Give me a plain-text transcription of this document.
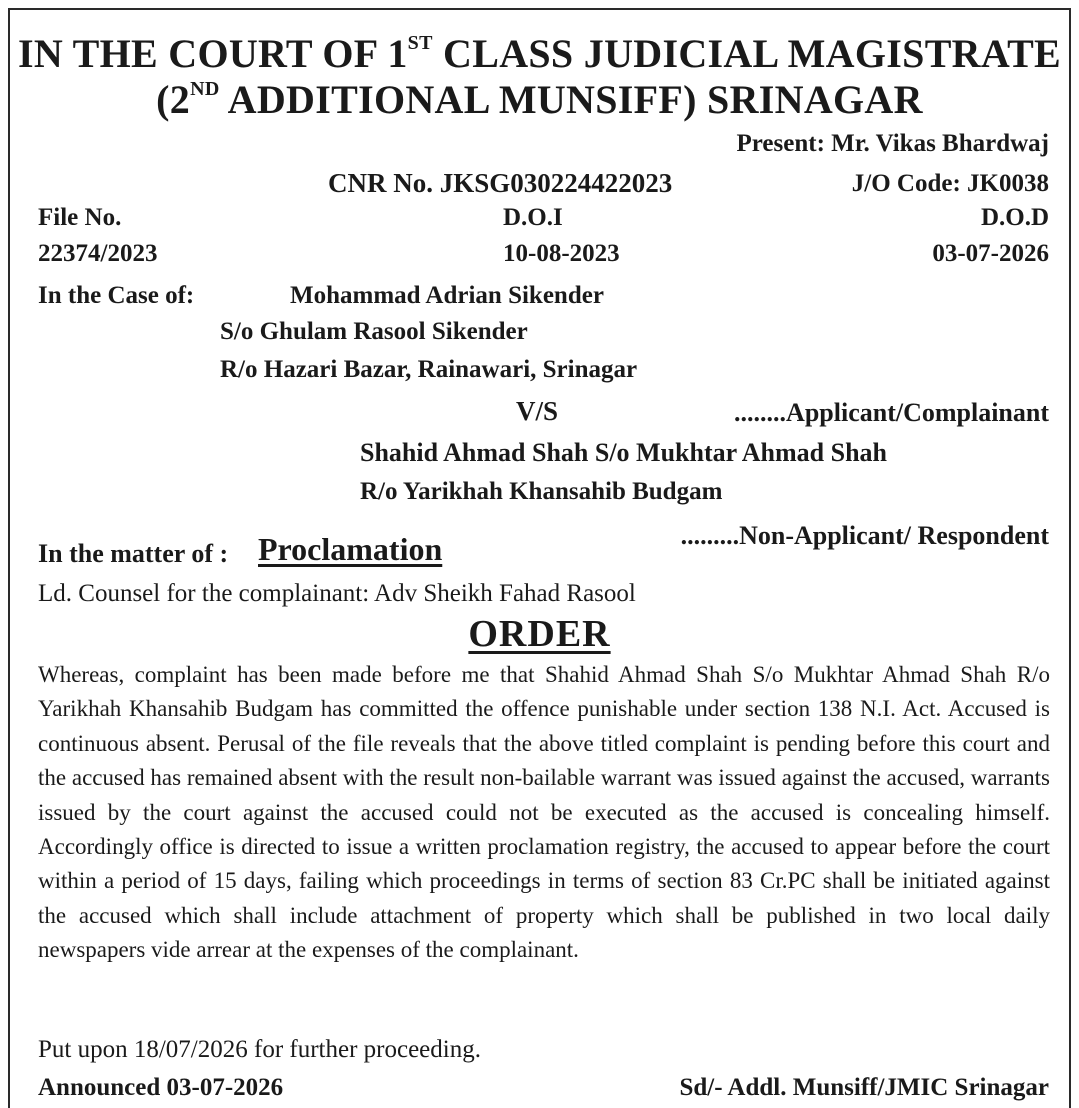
IN THE COURT OF 1ST CLASS JUDICIAL MAGISTRATE
(2ND ADDITIONAL MUNSIFF) SRINAGAR
Present: Mr. Vikas Bhardwaj
CNR No. JKSG030224422023	J/O Code: JK0038
File No.	D.O.I	D.O.D
22374/2023	10-08-2023	03-07-2026
In the Case of:	Mohammad Adrian Sikender
S/o Ghulam Rasool Sikender
R/o Hazari Bazar, Rainawari, Srinagar
V/S	........Applicant/Complainant
Shahid Ahmad Shah S/o Mukhtar Ahmad Shah
R/o Yarikhah Khansahib Budgam
.........Non-Applicant/ Respondent
In the matter of : Proclamation
Ld. Counsel for the complainant: Adv Sheikh Fahad Rasool
ORDER
Whereas, complaint has been made before me that Shahid Ahmad Shah S/o Mukhtar Ahmad Shah R/o Yarikhah Khansahib Budgam has committed the offence punishable under section 138 N.I. Act. Accused is continuous absent. Perusal of the file reveals that the above titled complaint is pending before this court and the accused has remained absent with the result non-bailable warrant was issued against the accused, warrants issued by the court against the accused could not be executed as the accused is concealing himself. Accordingly office is directed to issue a written proclamation registry, the accused to appear before the court within a period of 15 days, failing which proceedings in terms of section 83 Cr.PC shall be initiated against the accused which shall include attachment of property which shall be published in two local daily newspapers vide arrear at the expenses of the complainant.
Put upon 18/07/2026 for further proceeding.
Announced 03-07-2026	Sd/- Addl. Munsiff/JMIC Srinagar
